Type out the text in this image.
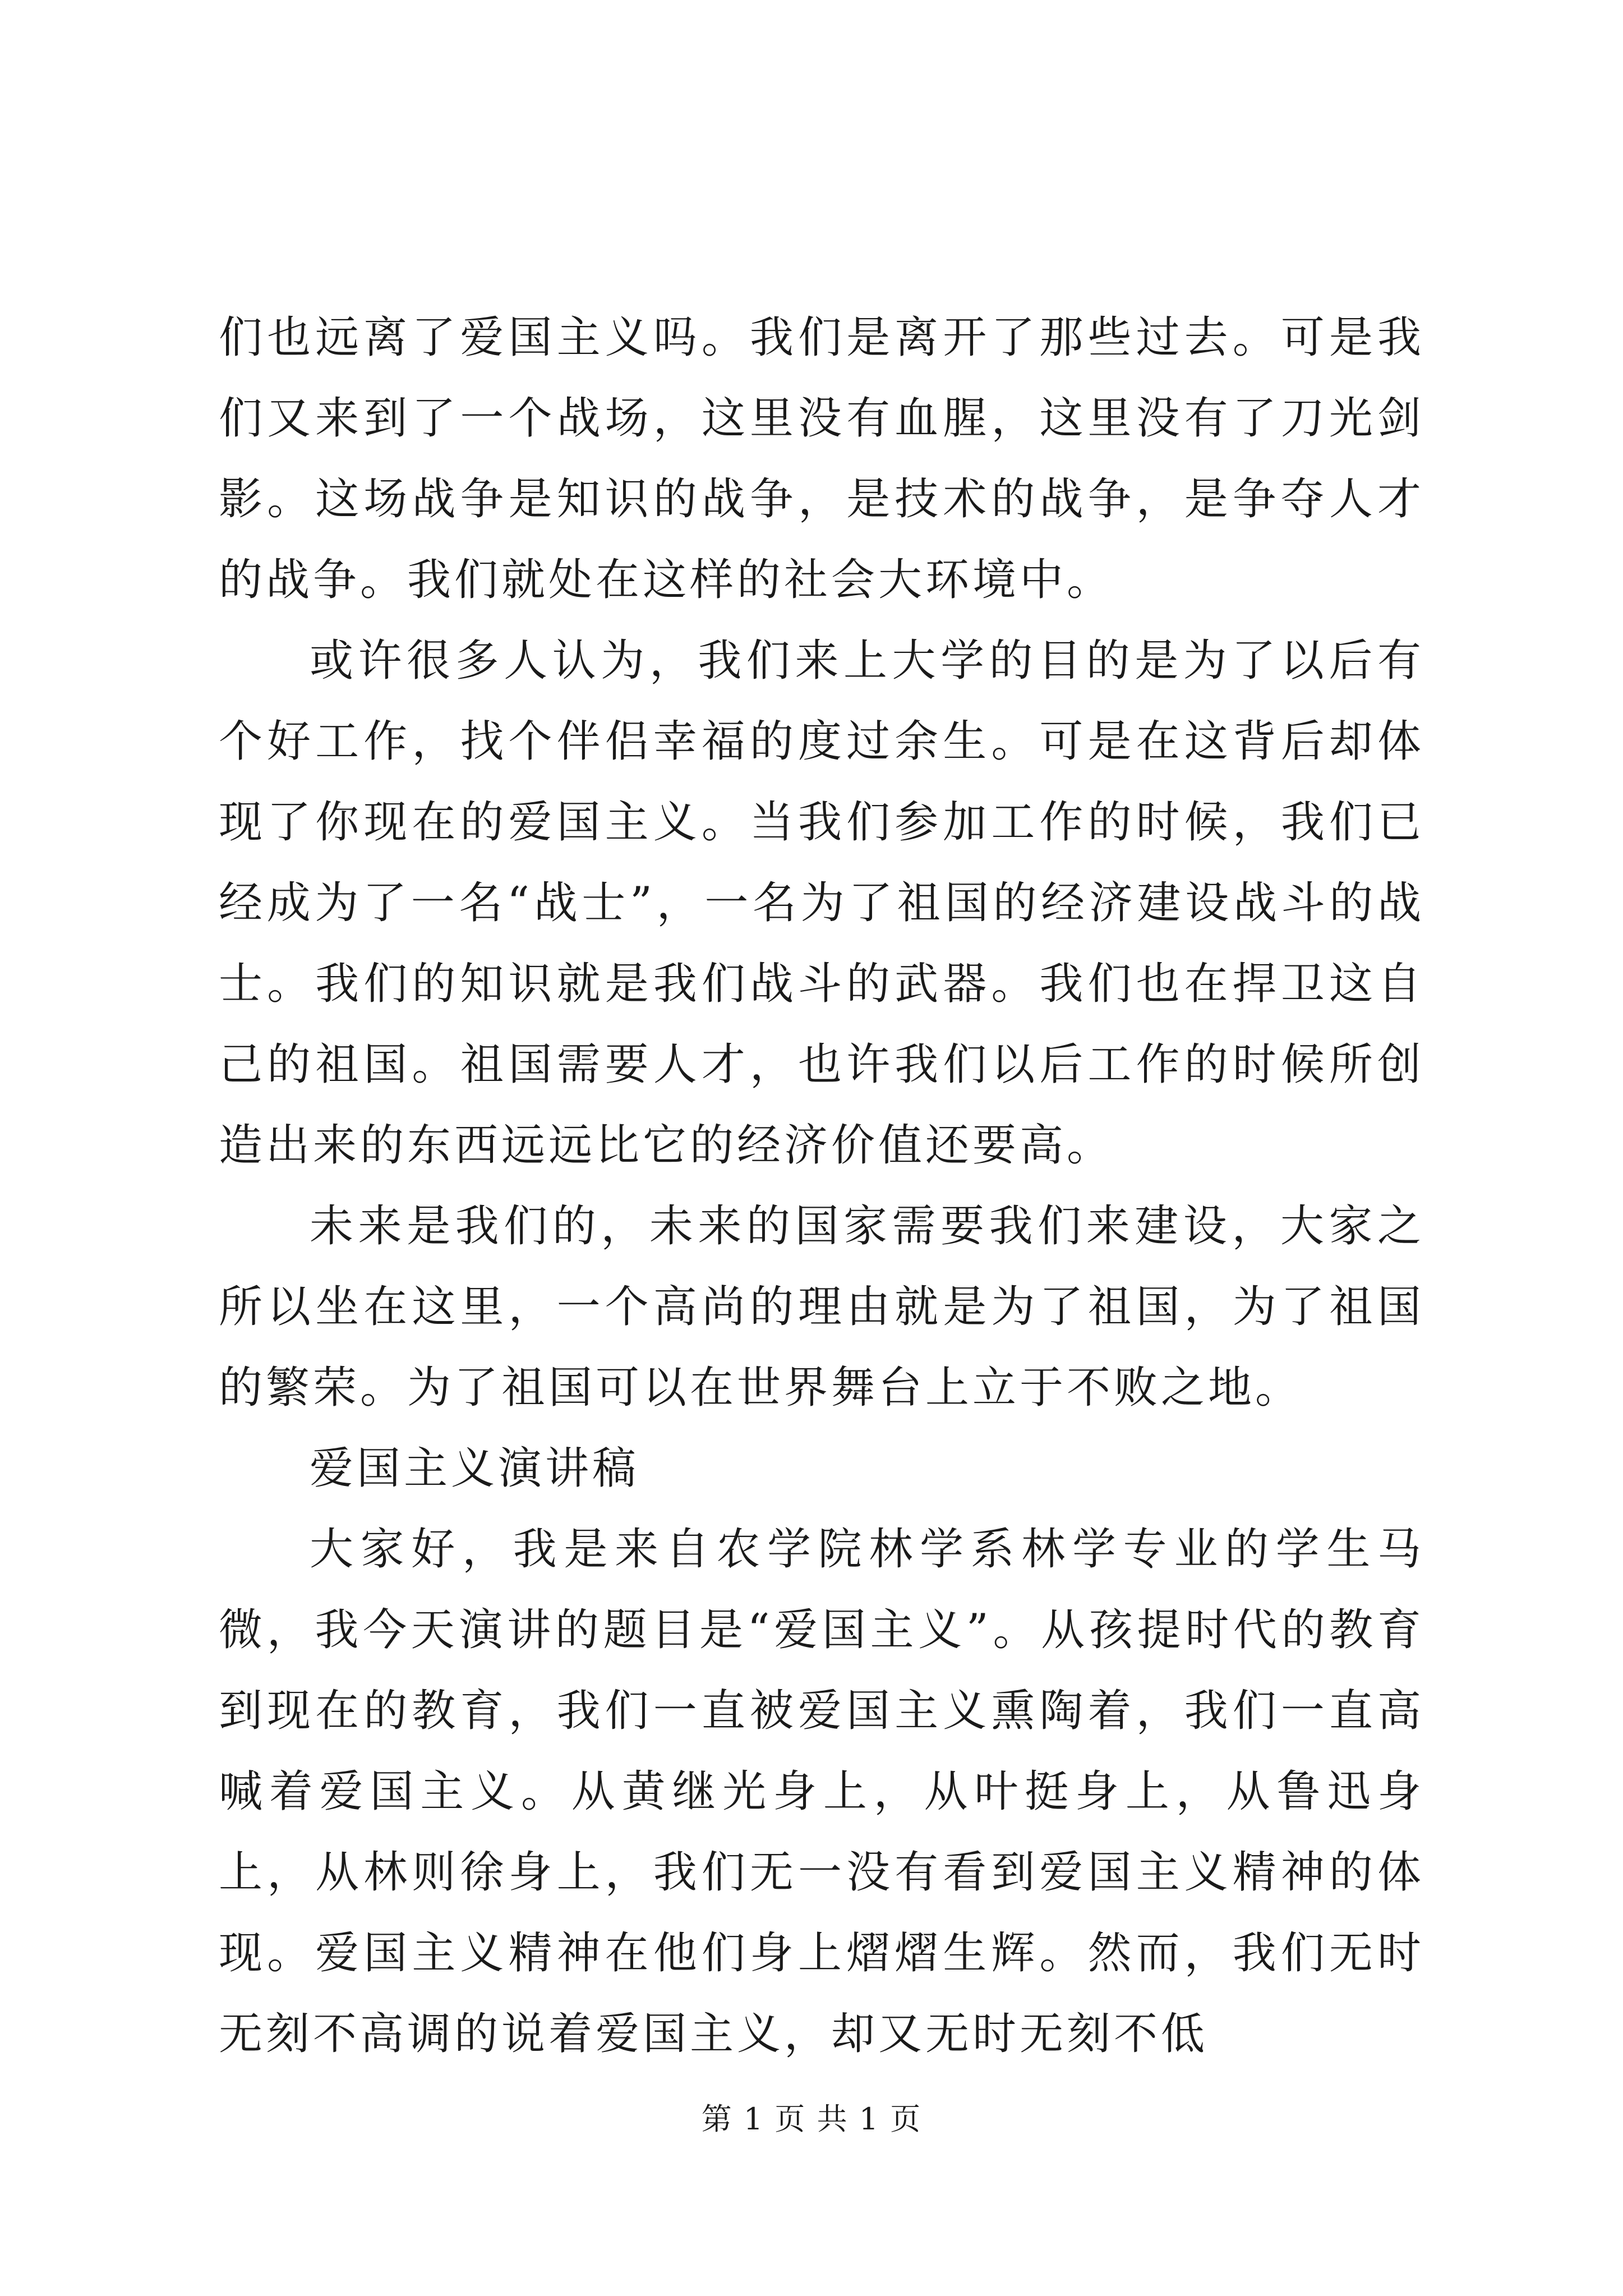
们也远离了爱国主义吗。我们是离开了那些过去。可是我们又来到了一个战场，这里没有血腥，这里没有了刀光剑影。这场战争是知识的战争，是技术的战争，是争夺人才的战争。我们就处在这样的社会大环境中。

或许很多人认为，我们来上大学的目的是为了以后有个好工作，找个伴侣幸福的度过余生。可是在这背后却体现了你现在的爱国主义。当我们参加工作的时候，我们已经成为了一名“战士”，一名为了祖国的经济建设战斗的战士。我们的知识就是我们战斗的武器。我们也在捍卫这自己的祖国。祖国需要人才，也许我们以后工作的时候所创造出来的东西远远比它的经济价值还要高。

未来是我们的，未来的国家需要我们来建设，大家之所以坐在这里，一个高尚的理由就是为了祖国，为了祖国的繁荣。为了祖国可以在世界舞台上立于不败之地。

爱国主义演讲稿

大家好，我是来自农学院林学系林学专业的学生马微，我今天演讲的题目是“爱国主义”。从孩提时代的教育到现在的教育，我们一直被爱国主义熏陶着，我们一直高喊着爱国主义。从黄继光身上，从叶挺身上，从鲁迅身上，从林则徐身上，我们无一没有看到爱国主义精神的体现。爱国主义精神在他们身上熠熠生辉。然而，我们无时无刻不高调的说着爱国主义，却又无时无刻不低

第 1 页 共 1 页
